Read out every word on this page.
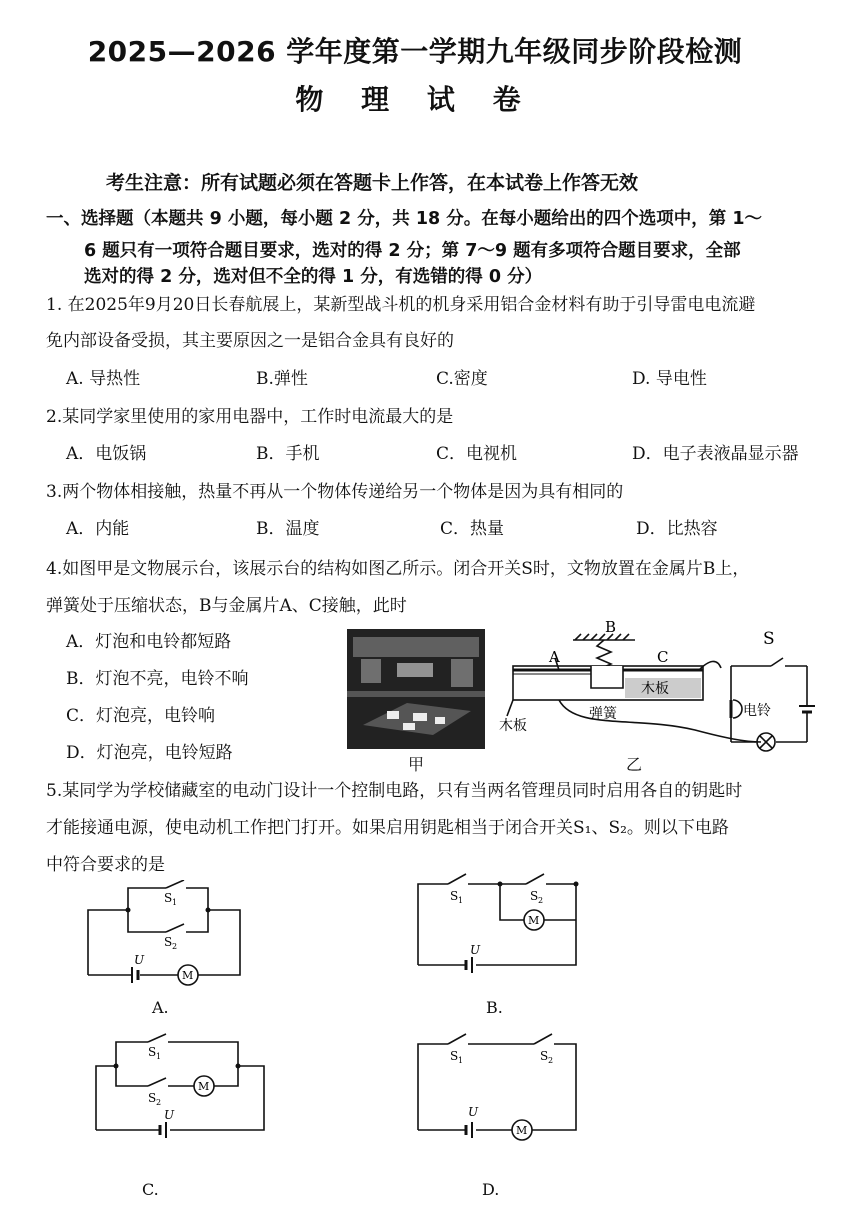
2025—2026 学年度第一学期九年级同步阶段检测
物 理 试 卷
考生注意：所有试题必须在答题卡上作答，在本试卷上作答无效
一、选择题（本题共 9 小题，每小题 2 分，共 18 分。在每小题给出的四个选项中，第 1～
6 题只有一项符合题目要求，选对的得 2 分；第 7～9 题有多项符合题目要求，全部
选对的得 2 分，选对但不全的得 1 分，有选错的得 0 分）
1. 在2025年9月20日长春航展上，某新型战斗机的机身采用铝合金材料有助于引导雷电电流避
免内部设备受损，其主要原因之一是铝合金具有良好的
A. 导热性	B.弹性	C.密度	D. 导电性
2.某同学家里使用的家用电器中，工作时电流最大的是
A．电饭锅	B．手机	C．电视机	D．电子表液晶显示器
3.两个物体相接触，热量不再从一个物体传递给另一个物体是因为具有相同的
A．内能	B．温度	C．热量	D．比热容
4.如图甲是文物展示台，该展示台的结构如图乙所示。闭合开关S时，文物放置在金属片B上，
弹簧处于压缩状态，B与金属片A、C接触，此时
A．灯泡和电铃都短路
B．灯泡不亮，电铃不响
C．灯泡亮，电铃响
D．灯泡亮，电铃短路
甲
B
A	C
S
木板
木板
弹簧	电铃
乙
5.某同学为学校储藏室的电动门设计一个控制电路，只有当两名管理员同时启用各自的钥匙时
才能接通电源，使电动机工作把门打开。如果启用钥匙相当于闭合开关S₁、S₂。则以下电路
中符合要求的是
S 1
S 2
U
M
A.
S 1	S 2
U
M
B.
S 1
S 2
U
M
C.
S 1	S 2
U
M
D.
